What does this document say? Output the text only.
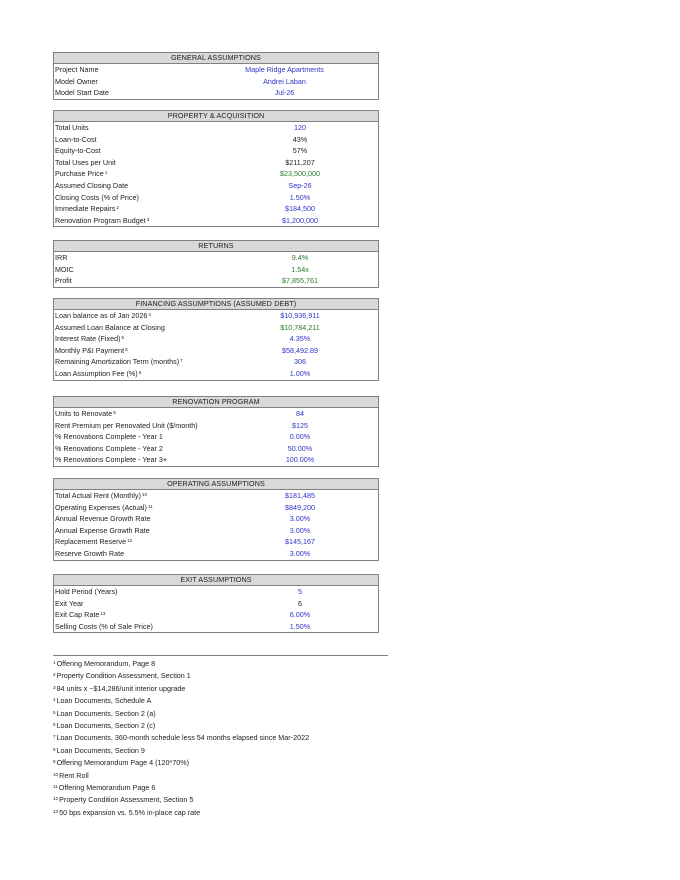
GENERAL ASSUMPTIONS
Project Name	Maple Ridge Apartments
Model Owner	Andrei Laban
Model Start Date	Jul-26
PROPERTY & ACQUISITION
Total Units	120
Loan-to-Cost	43%
Equity-to-Cost	57%
Total Uses per Unit	$211,207
Purchase Price$^1$	$23,500,000
Assumed Closing Date	Sep-26
Closing Costs (% of Price)	1.50%
Immediate Repairs$^2$	$184,500
Renovation Program Budget$^3$	$1,200,000
RETURNS
IRR	9.4%
MOIC	1.54x
Profit	$7,855,761
FINANCING ASSUMPTIONS (ASSUMED DEBT)
Loan balance as of Jan 2026$^4$	$10,936,911
Assumed Loan Balance at Closing	$10,784,211
Interest Rate (Fixed)$^5$	4.35%
Monthly P&I Payment$^6$	$58,492.89
Remaining Amortization Term (months)$^7$	306
Loan Assumption Fee (%)$^8$	1.00%
RENOVATION PROGRAM
Units to Renovate$^9$	84
Rent Premium per Renovated Unit ($/month)	$125
% Renovations Complete - Year 1	0.00%
% Renovations Complete - Year 2	50.00%
% Renovations Complete - Year 3+	100.00%
OPERATING ASSUMPTIONS
Total Actual Rent (Monthly)$^{10}$	$181,485
Operating Expenses (Actual)$^{11}$	$849,200
Annual Revenue Growth Rate	3.00%
Annual Expense Growth Rate	3.00%
Replacement Reserve$^{12}$	$145,167
Reserve Growth Rate	3.00%
EXIT ASSUMPTIONS
Hold Period (Years)	5
Exit Year	6
Exit Cap Rate$^{13}$	6.00%
Selling Costs (% of Sale Price)	1.50%
$^1$Offering Memorandum, Page 8
$^2$Property Condition Assessment, Section 1
$^3$84 units x ~$14,286/unit interior upgrade
$^4$Loan Documents, Schedule A
$^5$Loan Documents, Section 2 (a)
$^6$Loan Documents, Section 2 (c)
$^7$Loan Documents, 360-month schedule less 54 months elapsed since Mar-2022
$^8$Loan Documents, Section 9
$^9$Offering Memorandum Page 4 (120*70%)
$^{10}$Rent Roll
$^{11}$Offering Memorandum Page 6
$^{12}$Property Condition Assessment, Section 5
$^{13}$50 bps expansion vs. 5.5% in-place cap rate
